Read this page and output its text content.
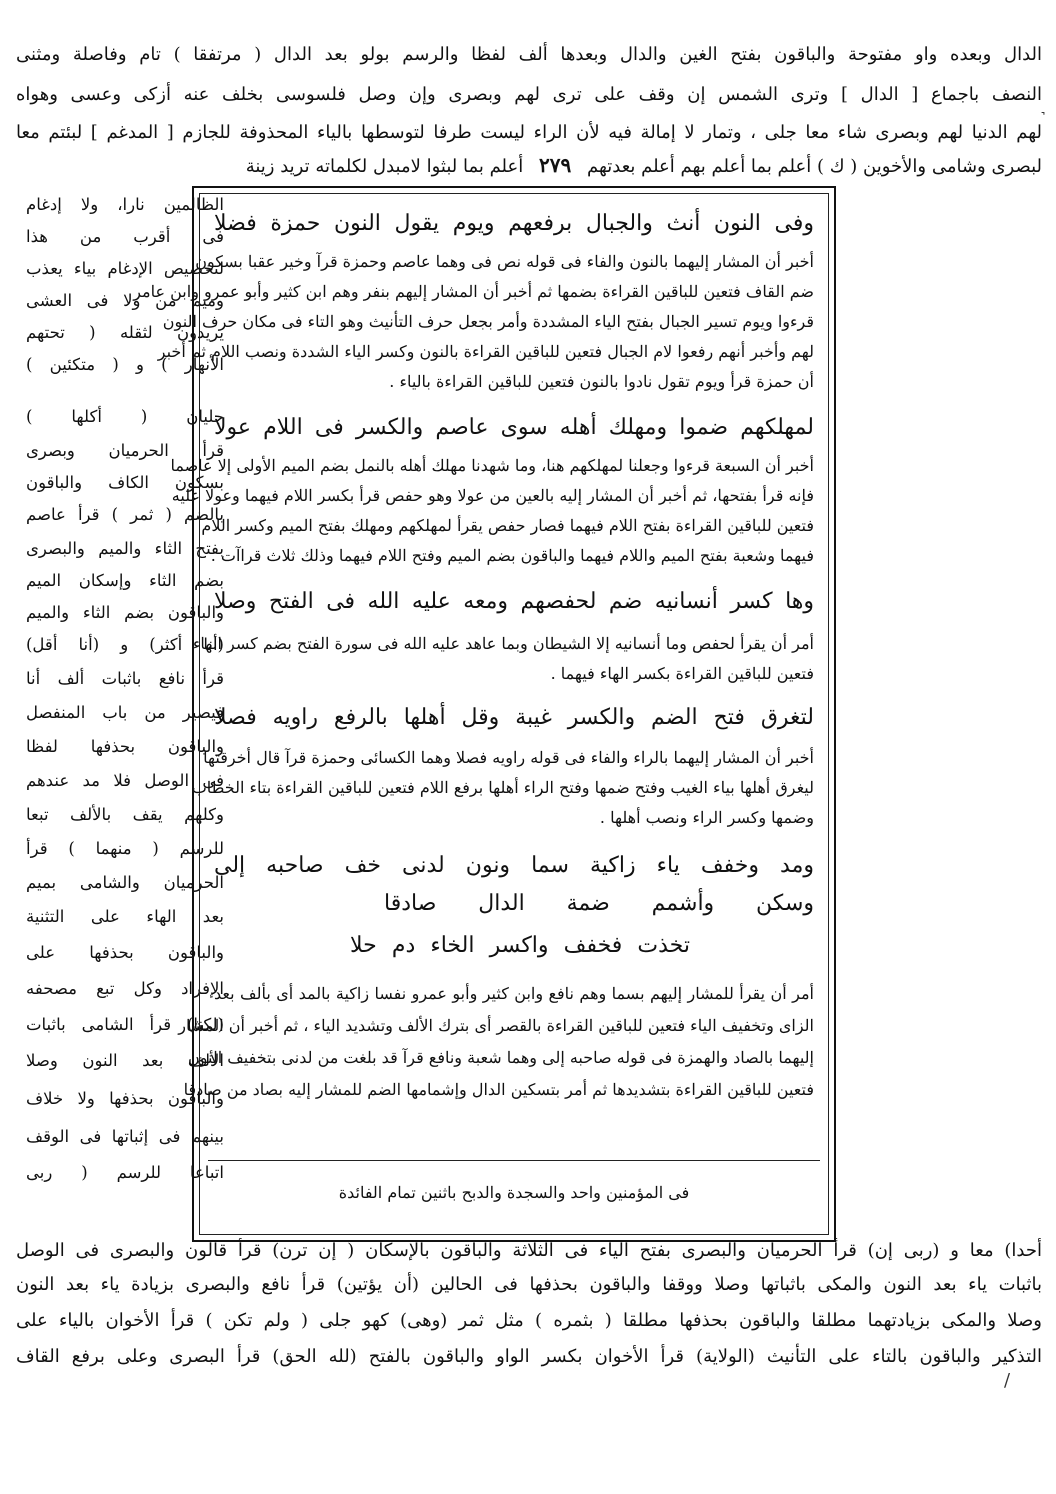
الدال وبعده واو مفتوحة والباقون بفتح الغين والدال وبعدها ألف لفظا والرسم بولو بعد الدال ( مرتفقا ) تام وفاصلة ومثنى
النصف باجماع [ الدال ] وترى الشمس إن وقف على ترى لهم وبصرى وإن وصل فلسوسى بخلف عنه أزكى وعسى وهواه
لهم الدنيا لهم وبصرى شاء معا جلى ، وتمار لا إمالة فيه لأن الراء ليست طرفا لتوسطها بالياء المحذوفة للجازم [ المدغم ] لبئتم معا
لبصرى وشامى والأخوين ( ك ) أعلم بما أعلم بهم أعلم بعدتهم ٢٧٩ أعلم بما لبثوا لامبدل لكلماته تريد زينة
الظالمين نارا، ولا إدغام
فى أقرب من هذا
لتخصيص الإدغام بياء يعذب
وميم من ولا فى العشى
يريدون لثقله ( تحتهم
الأنهار ) و ( متكئين )
جليان ( أكلها )
قرأ الحرميان وبصرى
بسكون الكاف والباقون
بالضم ( ثمر ) قرأ عاصم
بفتح الثاء والميم والبصرى
بضم الثاء وإسكان الميم
والباقون بضم الثاء والميم
(أنا أكثر) و (أنا أقل)
قرأ نافع باثبات ألف أنا
فيصير من باب المنفصل
والباقون بحذفها لفظا
فى الوصل فلا مد عندهم
وكلهم يقف بالألف تبعا
للرسم ( منهما ) قرأ
الحرميان والشامى بميم
بعد الهاء على التثنية
والباقون بحذفها على
الإفراد وكل تبع مصحفه
(لكنا) قرأ الشامى باثبات
الألف بعد النون وصلا
والباقون بحذفها ولا خلاف
بينهم فى إثباتها فى الوقف
اتباعا للرسم ( ربى
وفى النون أنث والجبال برفعهم ويوم يقول النون حمزة فضلا
أخبر أن المشار إليهما بالنون والفاء فى قوله نص فى وهما عاصم وحمزة قرآ وخير عقبا بسكون
ضم القاف فتعين للباقين القراءة بضمها ثم أخبر أن المشار إليهم بنفر وهم ابن كثير وأبو عمرو وابن عامر
قرءوا ويوم تسير الجبال بفتح الياء المشددة وأمر بجعل حرف التأنيث وهو التاء فى مكان حرف النون
لهم وأخبر أنهم رفعوا لام الجبال فتعين للباقين القراءة بالنون وكسر الياء الشددة ونصب اللام ثم أخبر
أن حمزة قرأ ويوم تقول نادوا بالنون فتعين للباقين القراءة بالياء .
لمهلكهم ضموا ومهلك أهله سوى عاصم والكسر فى اللام عولا
أخبر أن السبعة قرءوا وجعلنا لمهلكهم هنا، وما شهدنا مهلك أهله بالنمل بضم الميم الأولى إلا عاصما
فإنه قرأ بفتحها، ثم أخبر أن المشار إليه بالعين من عولا وهو حفص قرأ بكسر اللام فيهما وعولا عليه
فتعين للباقين القراءة بفتح اللام فيهما فصار حفص يقرأ لمهلكهم ومهلك بفتح الميم وكسر اللام
فيهما وشعبة بفتح الميم واللام فيهما والباقون بضم الميم وفتح اللام فيهما وذلك ثلاث قراآت .
وها كسر أنسانيه ضم لحفصهم ومعه عليه الله فى الفتح وصلا
أمر أن يقرأ لحفص وما أنسانيه إلا الشيطان وبما عاهد عليه الله فى سورة الفتح بضم كسر الهاء
فتعين للباقين القراءة بكسر الهاء فيهما .
لتغرق فتح الضم والكسر غيبة وقل أهلها بالرفع راويه فصلا
أخبر أن المشار إليهما بالراء والفاء فى قوله راويه فصلا وهما الكسائى وحمزة قرآ قال أخرقتها
ليغرق أهلها بياء الغيب وفتح ضمها وفتح الراء أهلها برفع اللام فتعين للباقين القراءة بتاء الخطاب
وضمها وكسر الراء ونصب أهلها .
ومد وخفف ياء زاكية سما ونون لدنى خف صاحبه إلى
وسكن وأشمم ضمة الدال صادقا
تخذت فخفف واكسر الخاء دم حلا
أمر أن يقرأ للمشار إليهم بسما وهم نافع وابن كثير وأبو عمرو نفسا زاكية بالمد أى بألف بعد
الزاى وتخفيف الياء فتعين للباقين القراءة بالقصر أى بترك الألف وتشديد الياء ، ثم أخبر أن المشار
إليهما بالصاد والهمزة فى قوله صاحبه إلى وهما شعبة ونافع قرآ قد بلغت من لدنى بتخفيف النون
فتعين للباقين القراءة بتشديدها ثم أمر بتسكين الدال وإشمامها الضم للمشار إليه بصاد من صادقا
فى المؤمنين واحد والسجدة والدبح باثنين تمام الفائدة
أحدا) معا و (ربى إن) قرأ الحرميان والبصرى بفتح الياء فى الثلاثة والباقون بالإسكان ( إن ترن) قرأ قالون والبصرى فى الوصل
باثبات ياء بعد النون والمكى باثباتها وصلا ووقفا والباقون بحذفها فى الحالين (أن يؤتين) قرأ نافع والبصرى بزيادة ياء بعد النون
وصلا والمكى بزيادتهما مطلقا والباقون بحذفها مطلقا ( بثمره ) مثل ثمر (وهى) كهو جلى ( ولم تكن ) قرأ الأخوان بالياء على
التذكير والباقون بالتاء على التأنيث (الولاية) قرأ الأخوان بكسر الواو والباقون بالفتح (لله الحق) قرأ البصرى وعلى برفع القاف
˺
/
